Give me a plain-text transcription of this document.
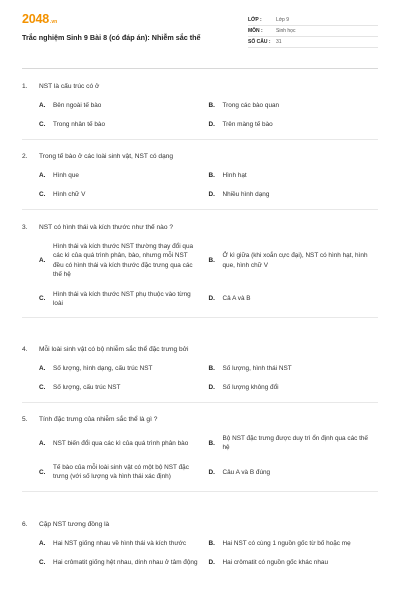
2048 .vn
Trắc nghiệm Sinh 9 Bài 8 (có đáp án): Nhiễm sắc thể
LỚP :	Lớp 9
MÔN :	Sinh học
SỐ CÂU :	31
1.	NST là cấu trúc có ở
A.	Bên ngoài tế bào	B.	Trong các bào quan
C.	Trong nhân tế bào	D.	Trên màng tế bào
2.	Trong tế bào ở các loài sinh vật, NST có dạng
A.	Hình que	B.	Hình hạt
C.	Hình chữ V	D.	Nhiều hình dạng
3.	NST có hình thái và kích thước như thế nào ?
A.
Hình thái và kích thước NST thường thay đổi qua các kì của quá trình phân, bào, nhưng mỗi NST đều có hình thái và kích thước đặc trưng qua các thế hệ
B.
Ở kì giữa (khi xoắn cực đại), NST có hình hạt, hình que, hình chữ V
C.
Hình thái và kích thước NST phụ thuộc vào từng loài
D.	Cả A và B
4.	Mỗi loài sinh vật có bộ nhiễm sắc thể đặc trưng bởi
A.	Số lượng, hình dạng, cấu trúc NST	B.	Số lượng, hình thái NST
C.	Số lượng, cấu trúc NST	D.	Số lượng không đổi
5.	Tính đặc trưng của nhiễm sắc thể là gì ?
A.	NST biến đổi qua các kì của quá trình phân bào	B.
Bộ NST đặc trưng được duy trì ổn định qua các thế hệ
C.
Tế bào của mỗi loài sinh vật có một bộ NST đặc trưng (với số lượng và hình thái xác định)
D.	Câu A và B đúng
6.	Cặp NST tương đồng là
A.	Hai NST giống nhau về hình thái và kích thước	B.	Hai NST có cùng 1 nguồn gốc từ bố hoặc mẹ
C.	Hai crômatit giống hệt nhau, dính nhau ở tâm động	D.	Hai crômatit có nguồn gốc khác nhau
